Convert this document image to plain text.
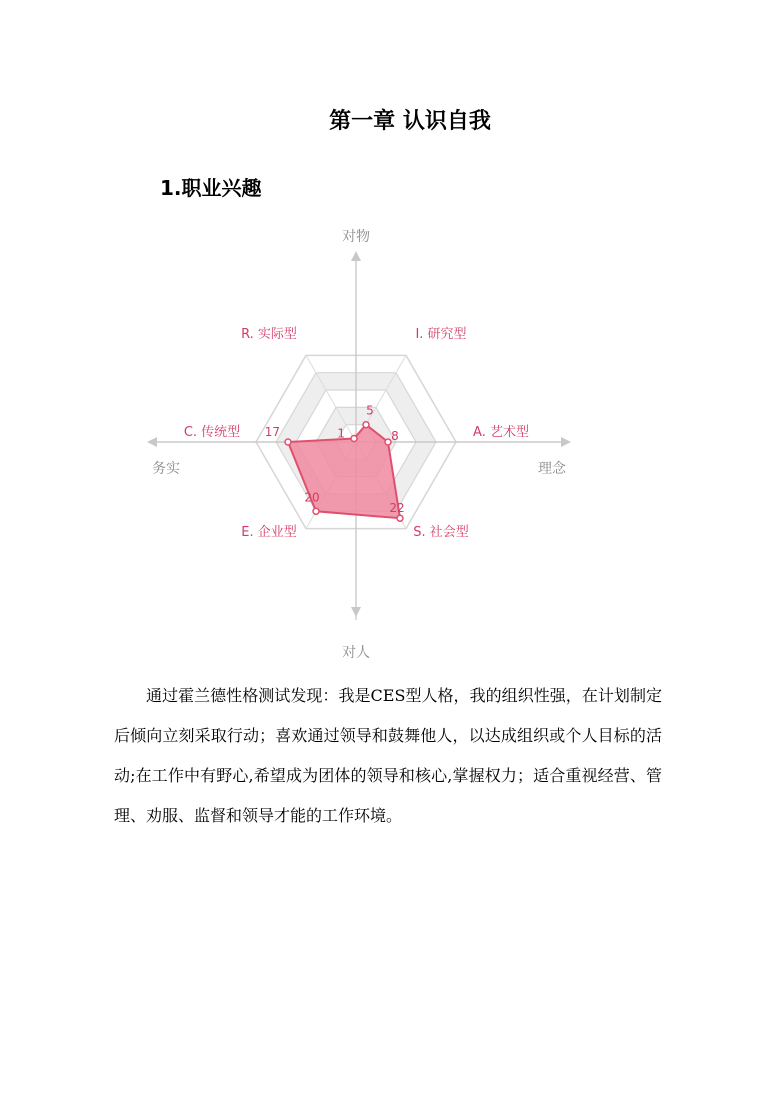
第一章 认识自我
1.职业兴趣
对物
对人
务实	理念
I. 研究型
A. 艺术型
S. 社会型
E. 企业型
C. 传统型
R. 实际型
5
8
22
20
17	1

通过霍兰德性格测试发现：我是CES型人格，我的组织性强，在计划制定后倾向立刻采取行动；喜欢通过领导和鼓舞他人，以达成组织或个人目标的活动;在工作中有野心,希望成为团体的领导和核心,掌握权力；适合重视经营、管理、劝服、监督和领导才能的工作环境。
